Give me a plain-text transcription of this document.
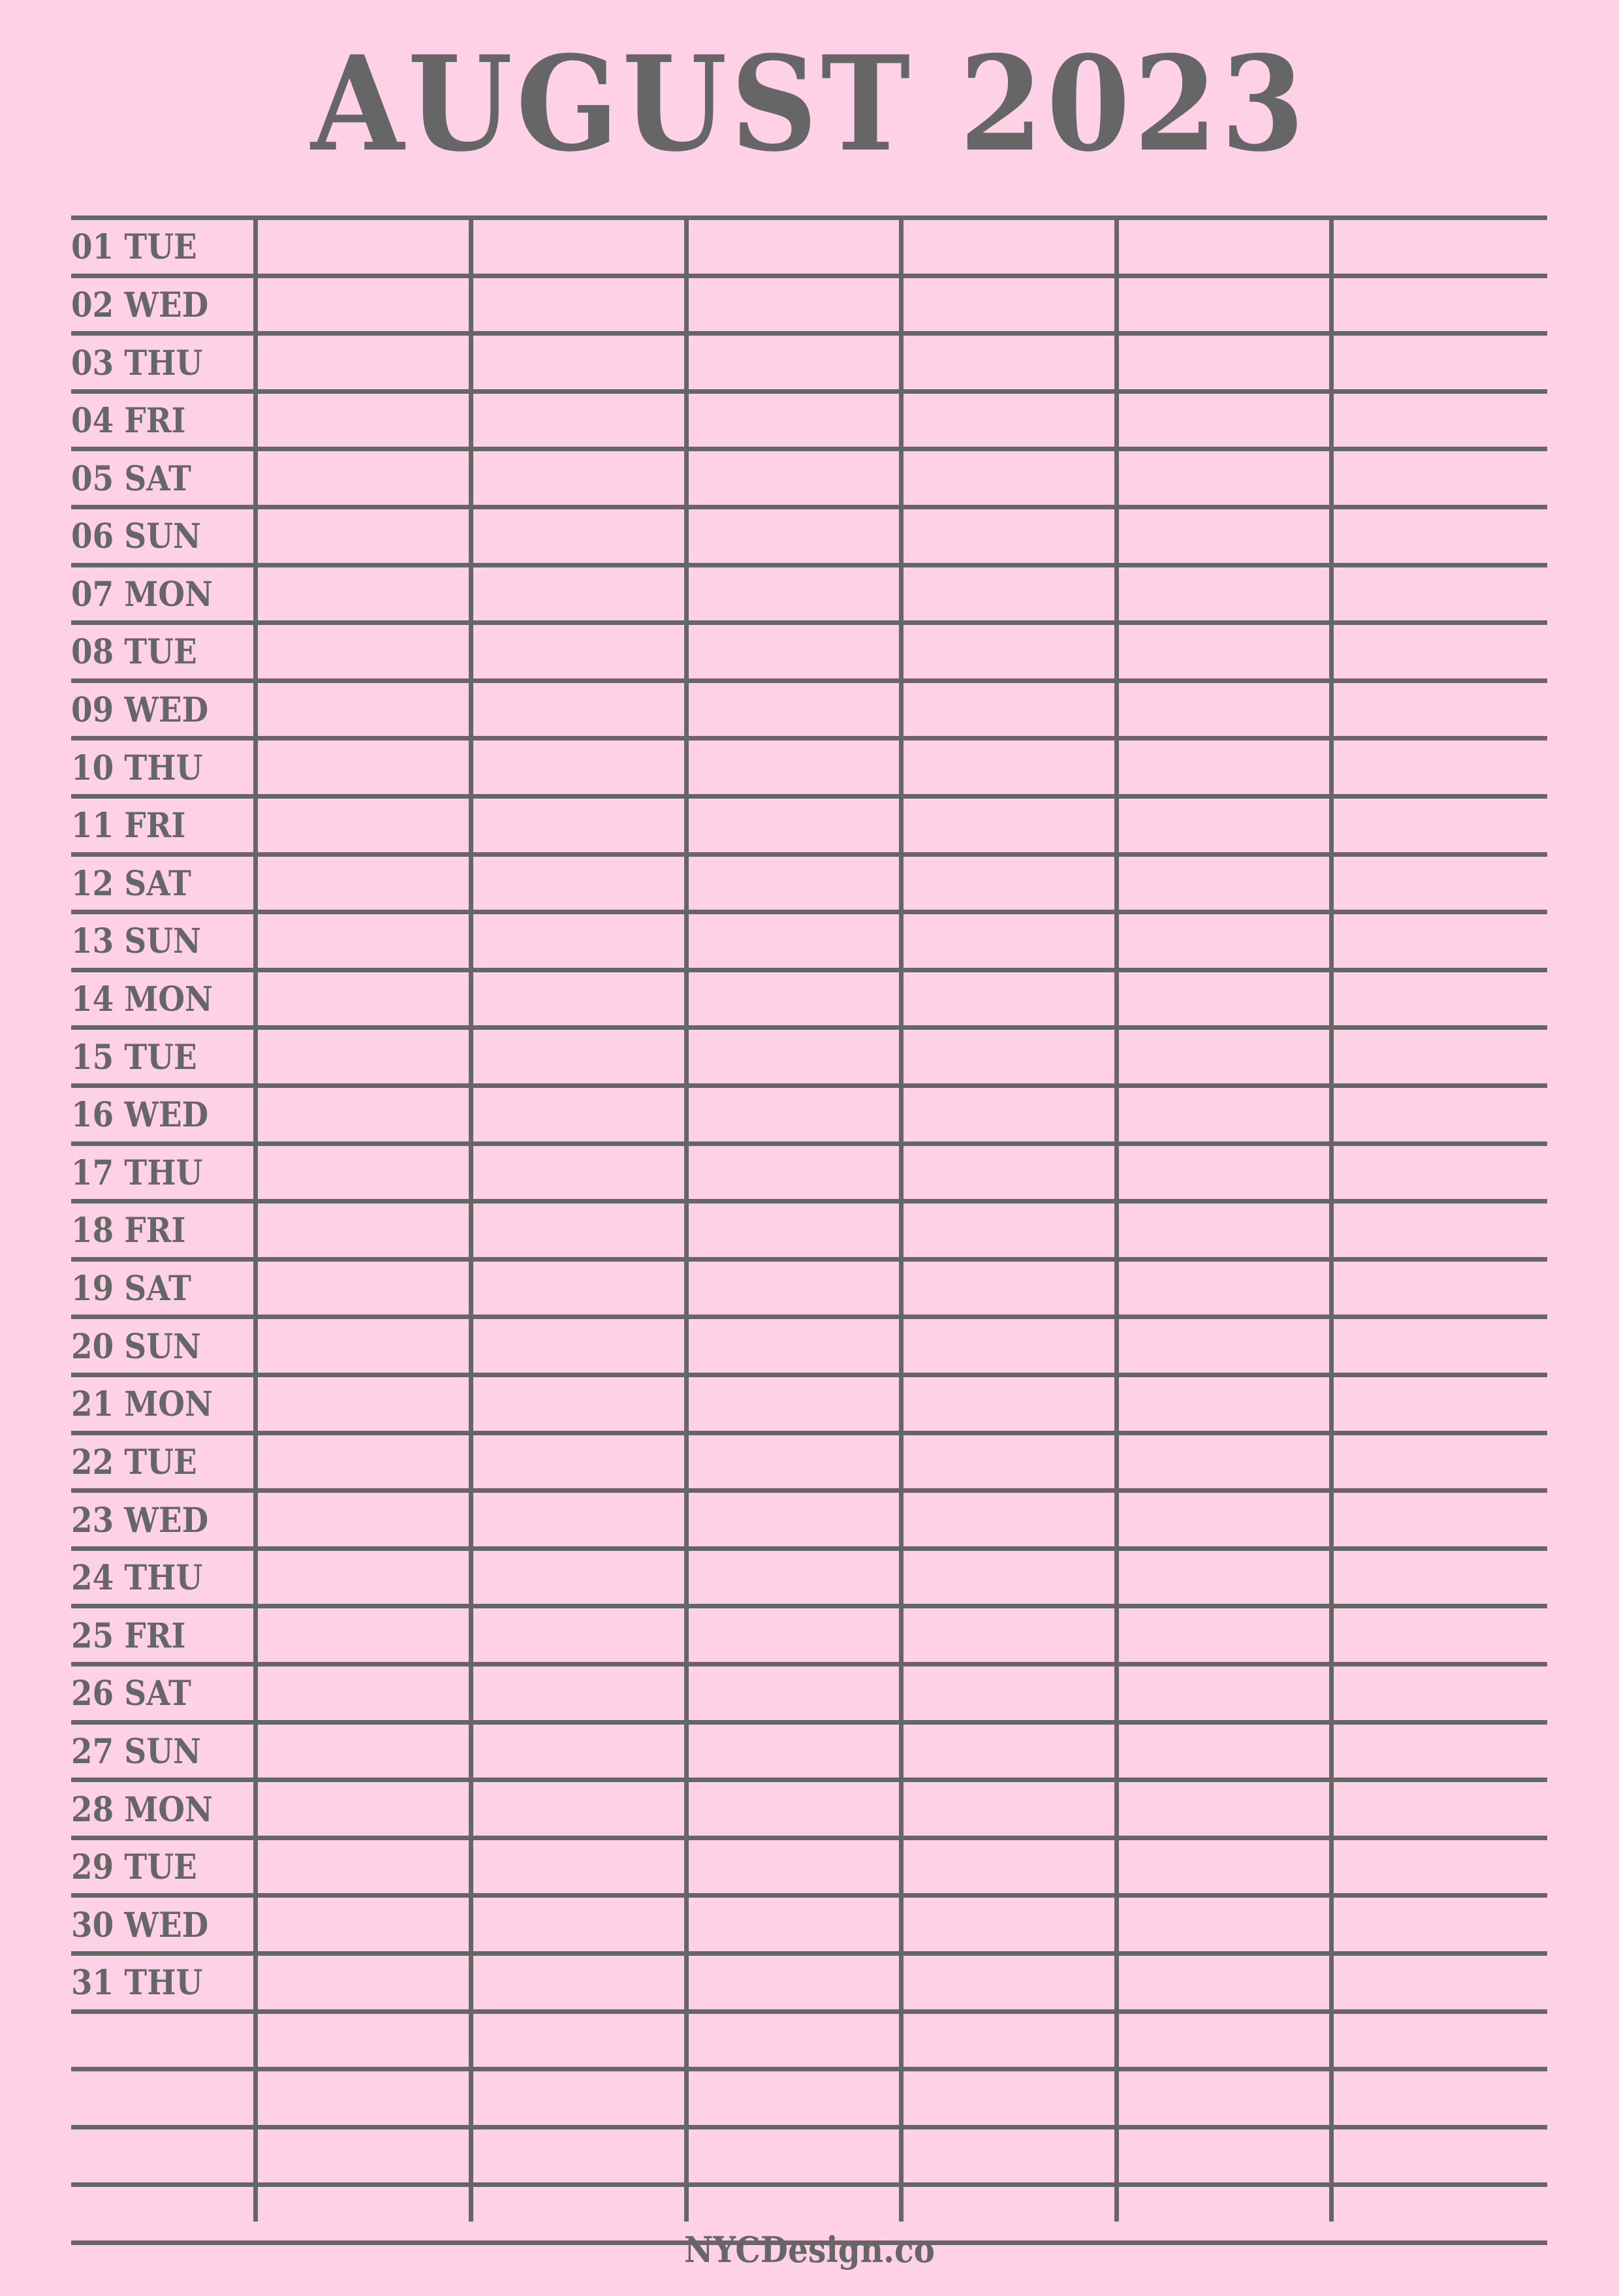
AUGUST 2023
01 TUE
02 WED
03 THU
04 FRI
05 SAT
06 SUN
07 MON
08 TUE
09 WED
10 THU
11 FRI
12 SAT
13 SUN
14 MON
15 TUE
16 WED
17 THU
18 FRI
19 SAT
20 SUN
21 MON
22 TUE
23 WED
24 THU
25 FRI
26 SAT
27 SUN
28 MON
29 TUE
30 WED
31 THU
NYCDesign.co
